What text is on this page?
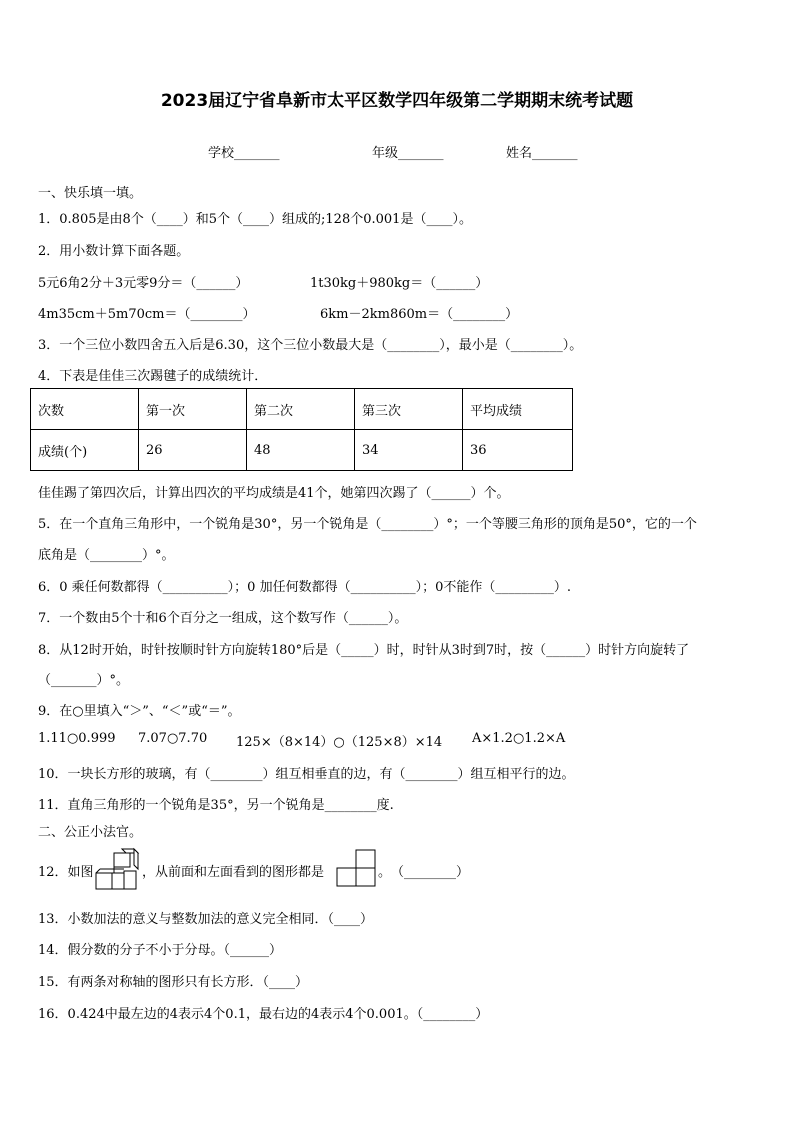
2023届辽宁省阜新市太平区数学四年级第二学期期末统考试题
学校_______	年级_______	姓名_______
一、快乐填一填。
1．0.805是由8个（____）和5个（____）组成的;128个0.001是（____）。
2．用小数计算下面各题。
5元6角2分＋3元零9分＝（______）	1t30kg＋980kg＝（______）
4m35cm＋5m70cm＝（________）	6km－2km860m＝（________）
3．一个三位小数四舍五入后是6.30，这个三位小数最大是（________），最小是（________）。
4．下表是佳佳三次踢毽子的成绩统计．
次数	第一次	第二次	第三次	平均成绩
成绩(个)	26	48	34	36
佳佳踢了第四次后，计算出四次的平均成绩是41个，她第四次踢了（______）个。
5．在一个直角三角形中，一个锐角是30°，另一个锐角是（________）°；一个等腰三角形的顶角是50°，它的一个
底角是（________）°。
6．0 乘任何数都得（__________）；0 加任何数都得（__________）；0不能作（_________）.
7．一个数由5个十和6个百分之一组成，这个数写作（______）。
8．从12时开始，时针按顺时针方向旋转180°后是（_____）时，时针从3时到7时，按（______）时针方向旋转了
（_______）°。
9．在○里填入“＞”、“＜”或“＝”。
1.11○0.999 7.07○7.70 125×（8×14）○（125×8）×14 A×1.2○1.2×A
10．一块长方形的玻璃，有（________）组互相垂直的边，有（________）组互相平行的边。
11．直角三角形的一个锐角是35°，另一个锐角是________度.
二、公正小法官。
12．如图	，从前面和左面看到的图形都是	。　（________）
13．小数加法的意义与整数加法的意义完全相同．（____）
14．假分数的分子不小于分母。（______）
15．有两条对称轴的图形只有长方形．（____）
16．0.424中最左边的4表示4个0.1，最右边的4表示4个0.001。（________）
